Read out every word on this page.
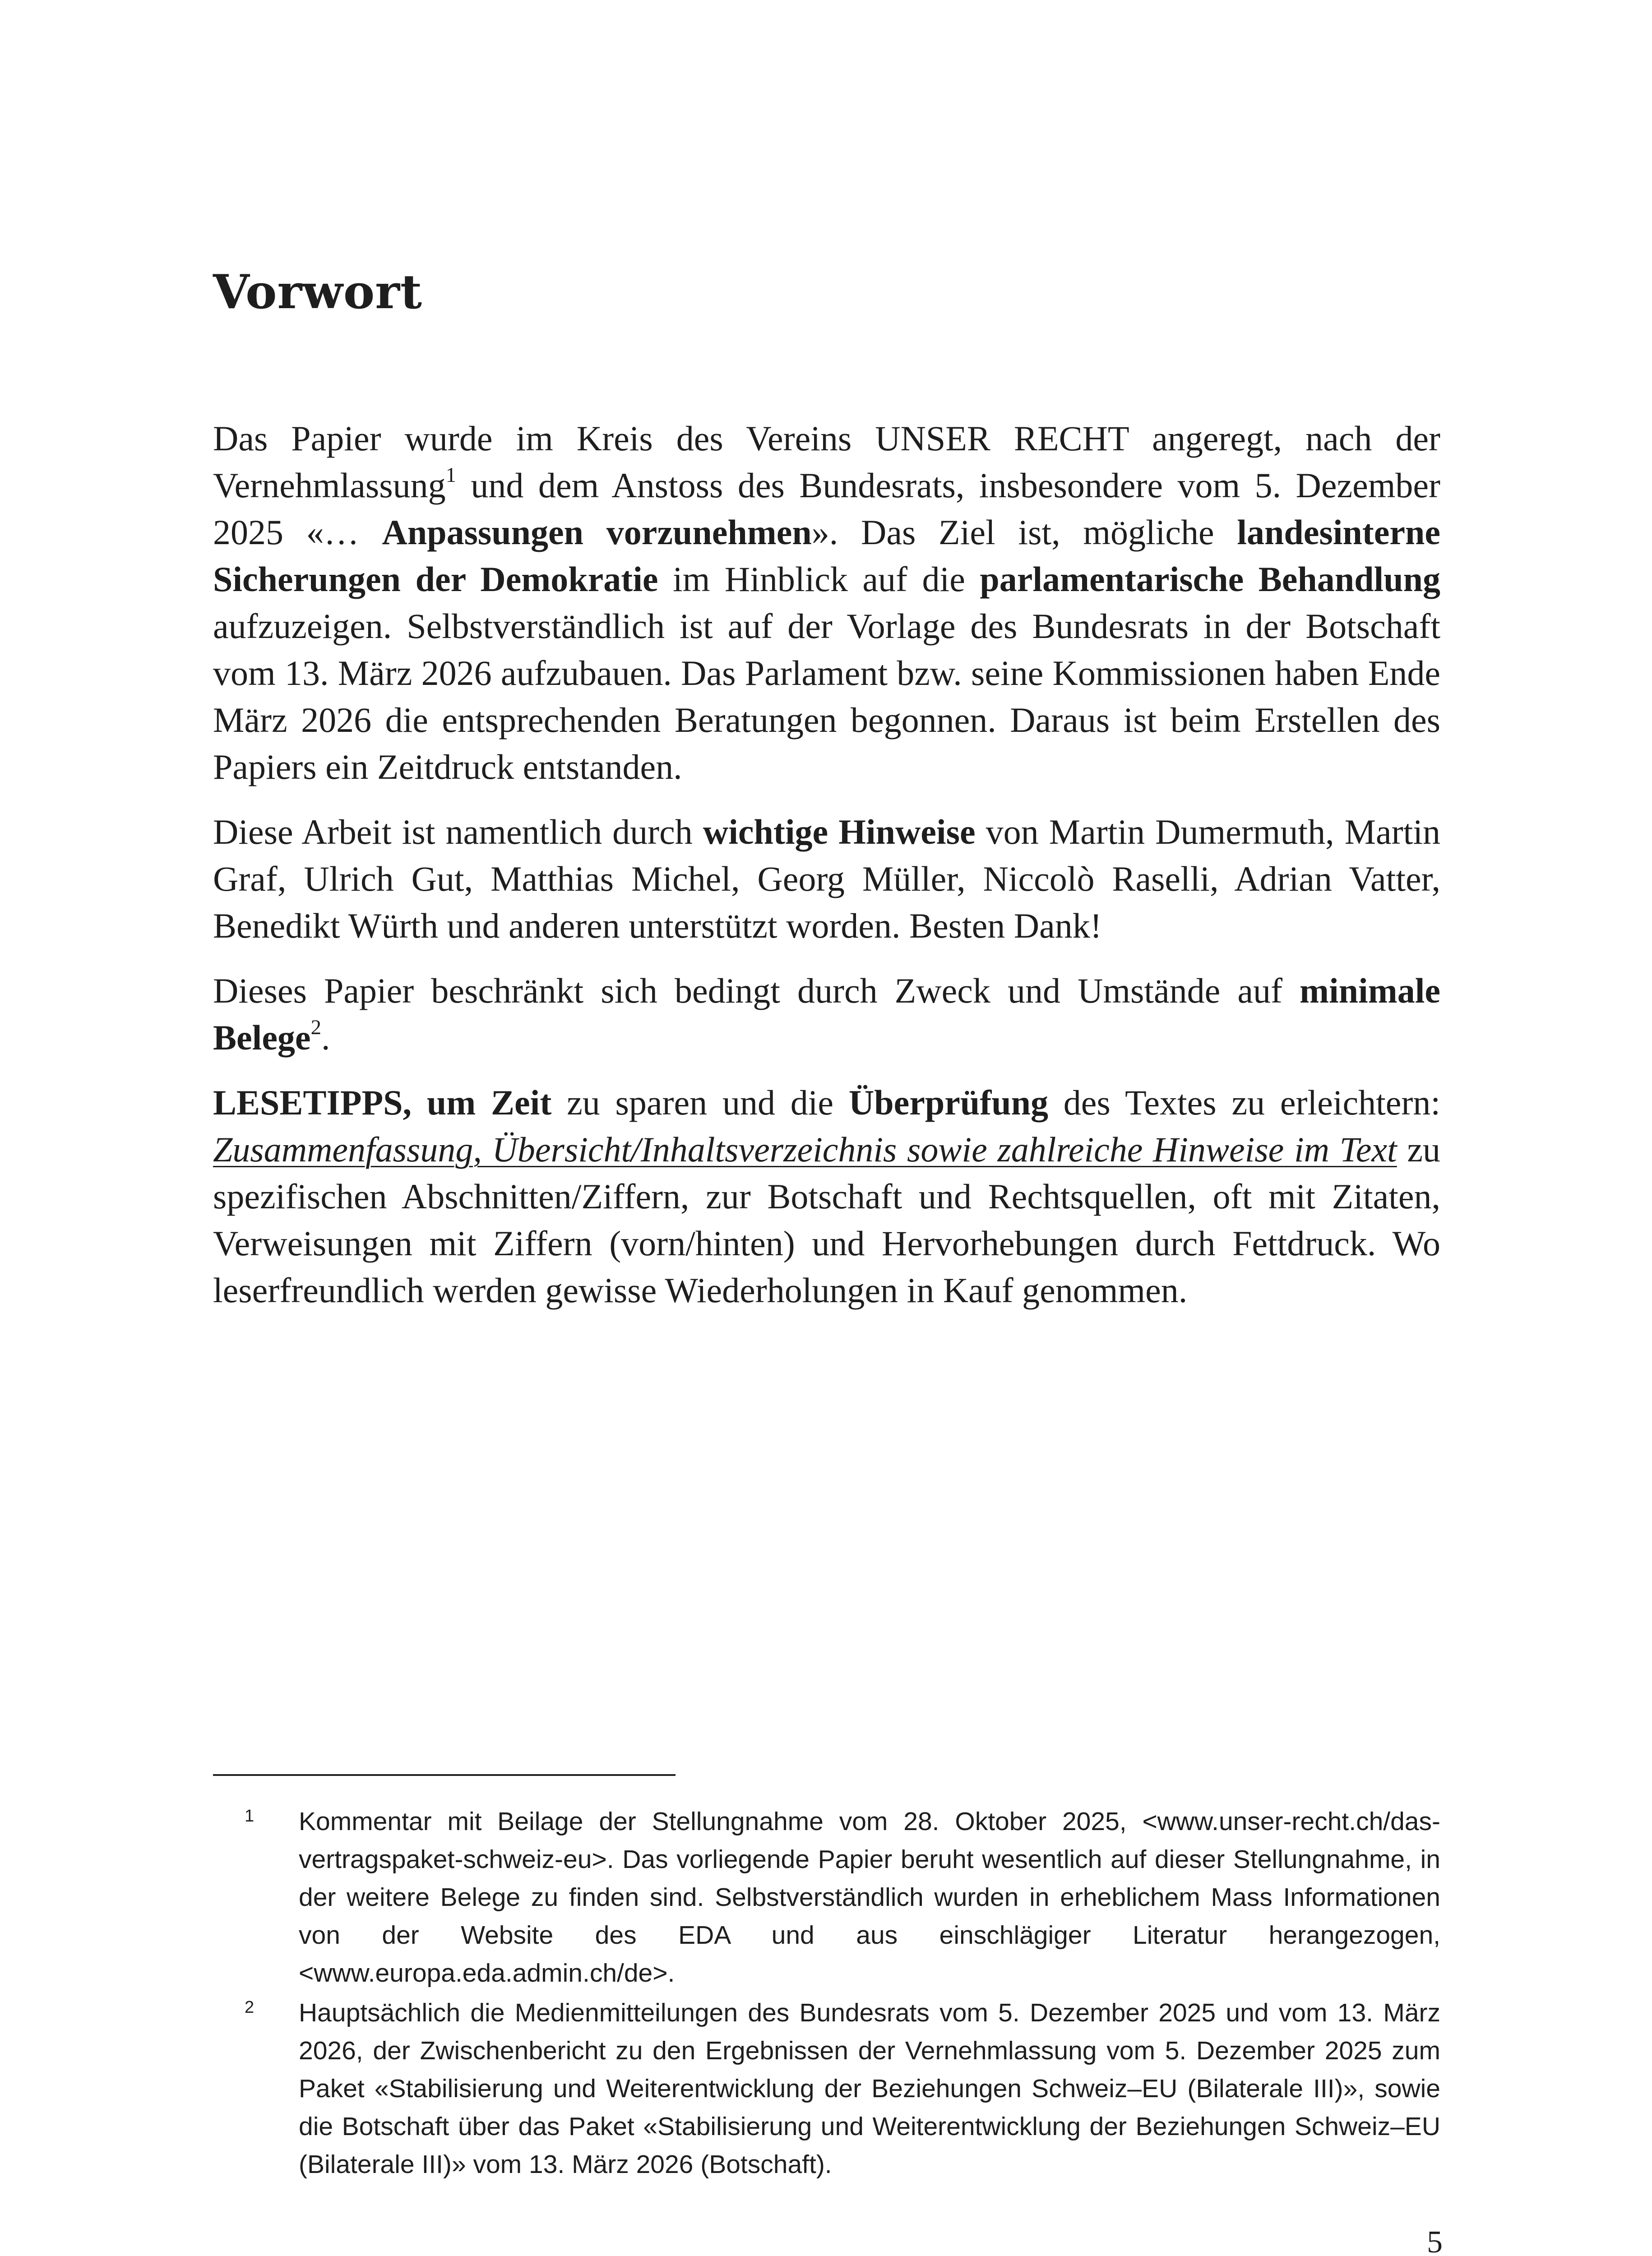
Vorwort

Das Papier wurde im Kreis des Vereins UNSER RECHT angeregt, nach der Vernehmlassung$^1$ und dem Anstoss des Bundesrats, insbesondere vom 5. Dezember 2025 «… Anpassungen vorzunehmen». Das Ziel ist, mögliche landesinterne Sicherungen der Demokratie im Hinblick auf die parlamentarische Behandlung aufzuzeigen. Selbstverständlich ist auf der Vorlage des Bundesrats in der Botschaft vom 13. März 2026 aufzubauen. Das Parlament bzw. seine Kommissionen haben Ende März 2026 die entsprechenden Beratungen begonnen. Daraus ist beim Erstellen des Papiers ein Zeitdruck entstanden.

Diese Arbeit ist namentlich durch wichtige Hinweise von Martin Dumermuth, Martin Graf, Ulrich Gut, Matthias Michel, Georg Müller, Niccolò Raselli, Adrian Vatter, Benedikt Würth und anderen unterstützt worden. Besten Dank!

Dieses Papier beschränkt sich bedingt durch Zweck und Umstände auf minimale Belege$^2$.

LESETIPPS, um Zeit zu sparen und die Überprüfung des Textes zu erleichtern: Zusammenfassung, Übersicht/Inhaltsverzeichnis sowie zahlreiche Hinweise im Text zu spezifischen Abschnitten/Ziffern, zur Botschaft und Rechtsquellen, oft mit Zitaten, Verweisungen mit Ziffern (vorn/hinten) und Hervorhebungen durch Fettdruck. Wo leserfreundlich werden gewisse Wiederholungen in Kauf genommen.

1	Kommentar mit Beilage der Stellungnahme vom 28. Oktober 2025, <www.unser-recht.ch/das-vertragspaket-schweiz-eu>. Das vorliegende Papier beruht wesentlich auf dieser Stellungnahme, in der weitere Belege zu finden sind. Selbstverständlich wurden in erheblichem Mass Informationen von der Website des EDA und aus einschlägiger Literatur herangezogen, <www.europa.eda.admin.ch/de>.
2	Hauptsächlich die Medienmitteilungen des Bundesrats vom 5. Dezember 2025 und vom 13. März 2026, der Zwischenbericht zu den Ergebnissen der Vernehmlassung vom 5. Dezember 2025 zum Paket «Stabilisierung und Weiterentwicklung der Beziehungen Schweiz–EU (Bilaterale III)», sowie die Botschaft über das Paket «Stabilisierung und Weiterentwicklung der Beziehungen Schweiz–EU (Bilaterale III)» vom 13. März 2026 (Botschaft).
5
